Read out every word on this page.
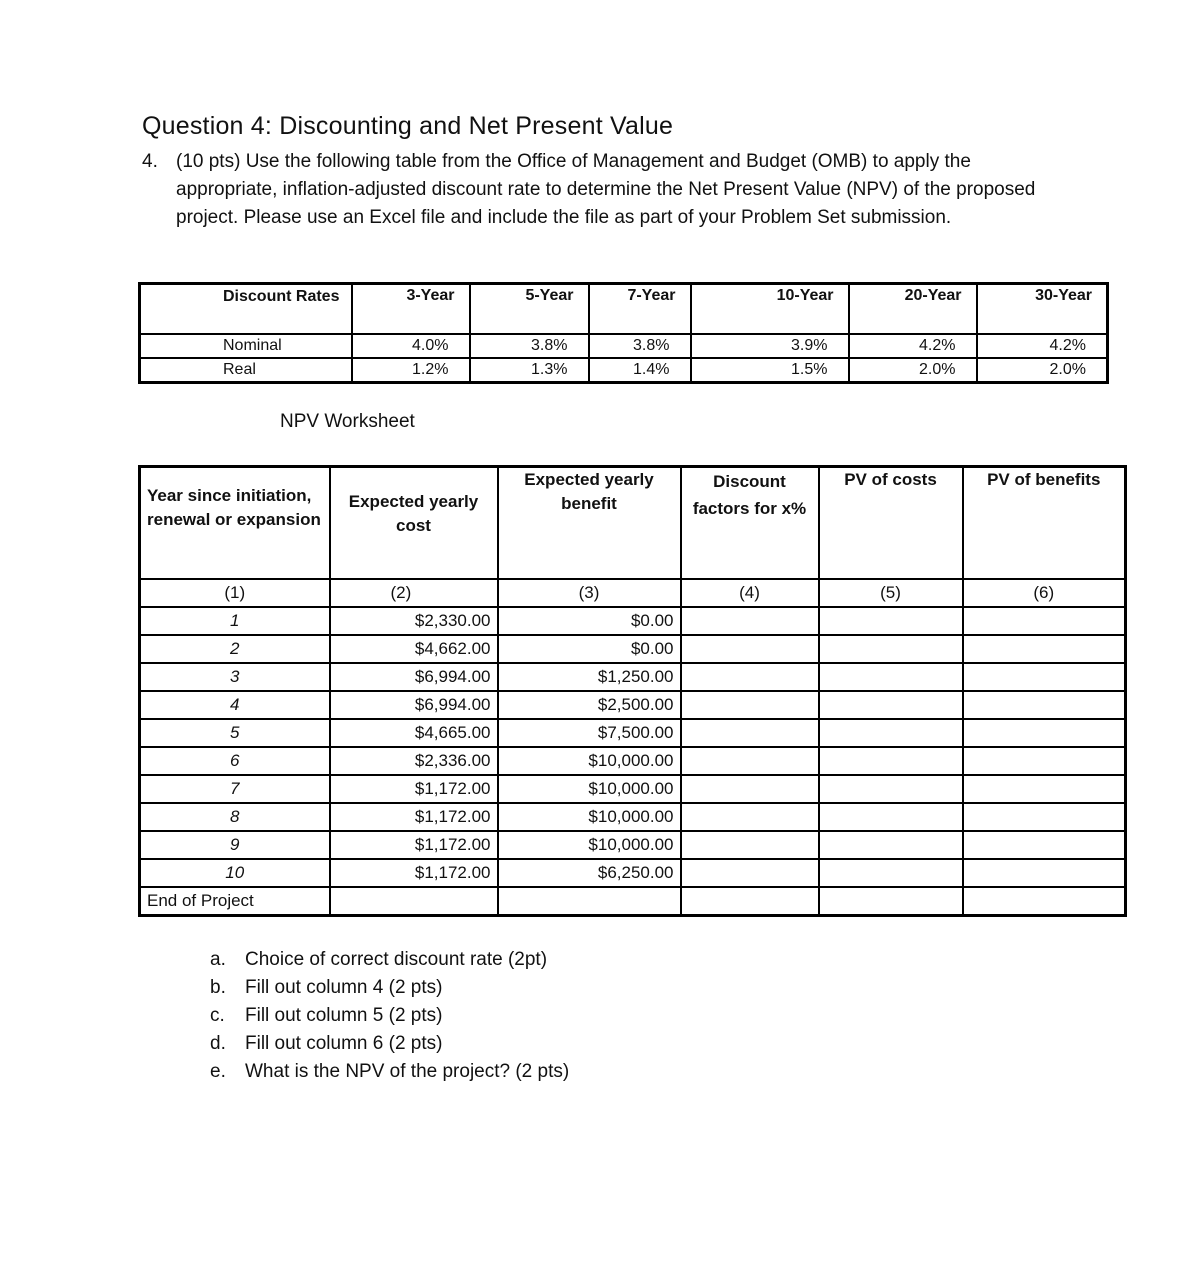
Question 4: Discounting and Net Present Value
4. (10 pts) Use the following table from the Office of Management and Budget (OMB) to apply the appropriate, inflation-adjusted discount rate to determine the Net Present Value (NPV) of the proposed project. Please use an Excel file and include the file as part of your Problem Set submission.
Discount Rates	3-Year	5-Year	7-Year	10-Year	20-Year	30-Year
Nominal	4.0%	3.8%	3.8%	3.9%	4.2%	4.2%
Real	1.2%	1.3%	1.4%	1.5%	2.0%	2.0%
NPV Worksheet
Year since initiation, renewal or expansion	Expected yearly cost	Expected yearly benefit	Discount factors for x%	PV of costs	PV of benefits
(1)	(2)	(3)	(4)	(5)	(6)
1	$2,330.00	$0.00			
2	$4,662.00	$0.00			
3	$6,994.00	$1,250.00			
4	$6,994.00	$2,500.00			
5	$4,665.00	$7,500.00			
6	$2,336.00	$10,000.00			
7	$1,172.00	$10,000.00			
8	$1,172.00	$10,000.00			
9	$1,172.00	$10,000.00			
10	$1,172.00	$6,250.00			
End of Project					
a. Choice of correct discount rate (2pt)
b. Fill out column 4 (2 pts)
c. Fill out column 5 (2 pts)
d. Fill out column 6 (2 pts)
e. What is the NPV of the project? (2 pts)
